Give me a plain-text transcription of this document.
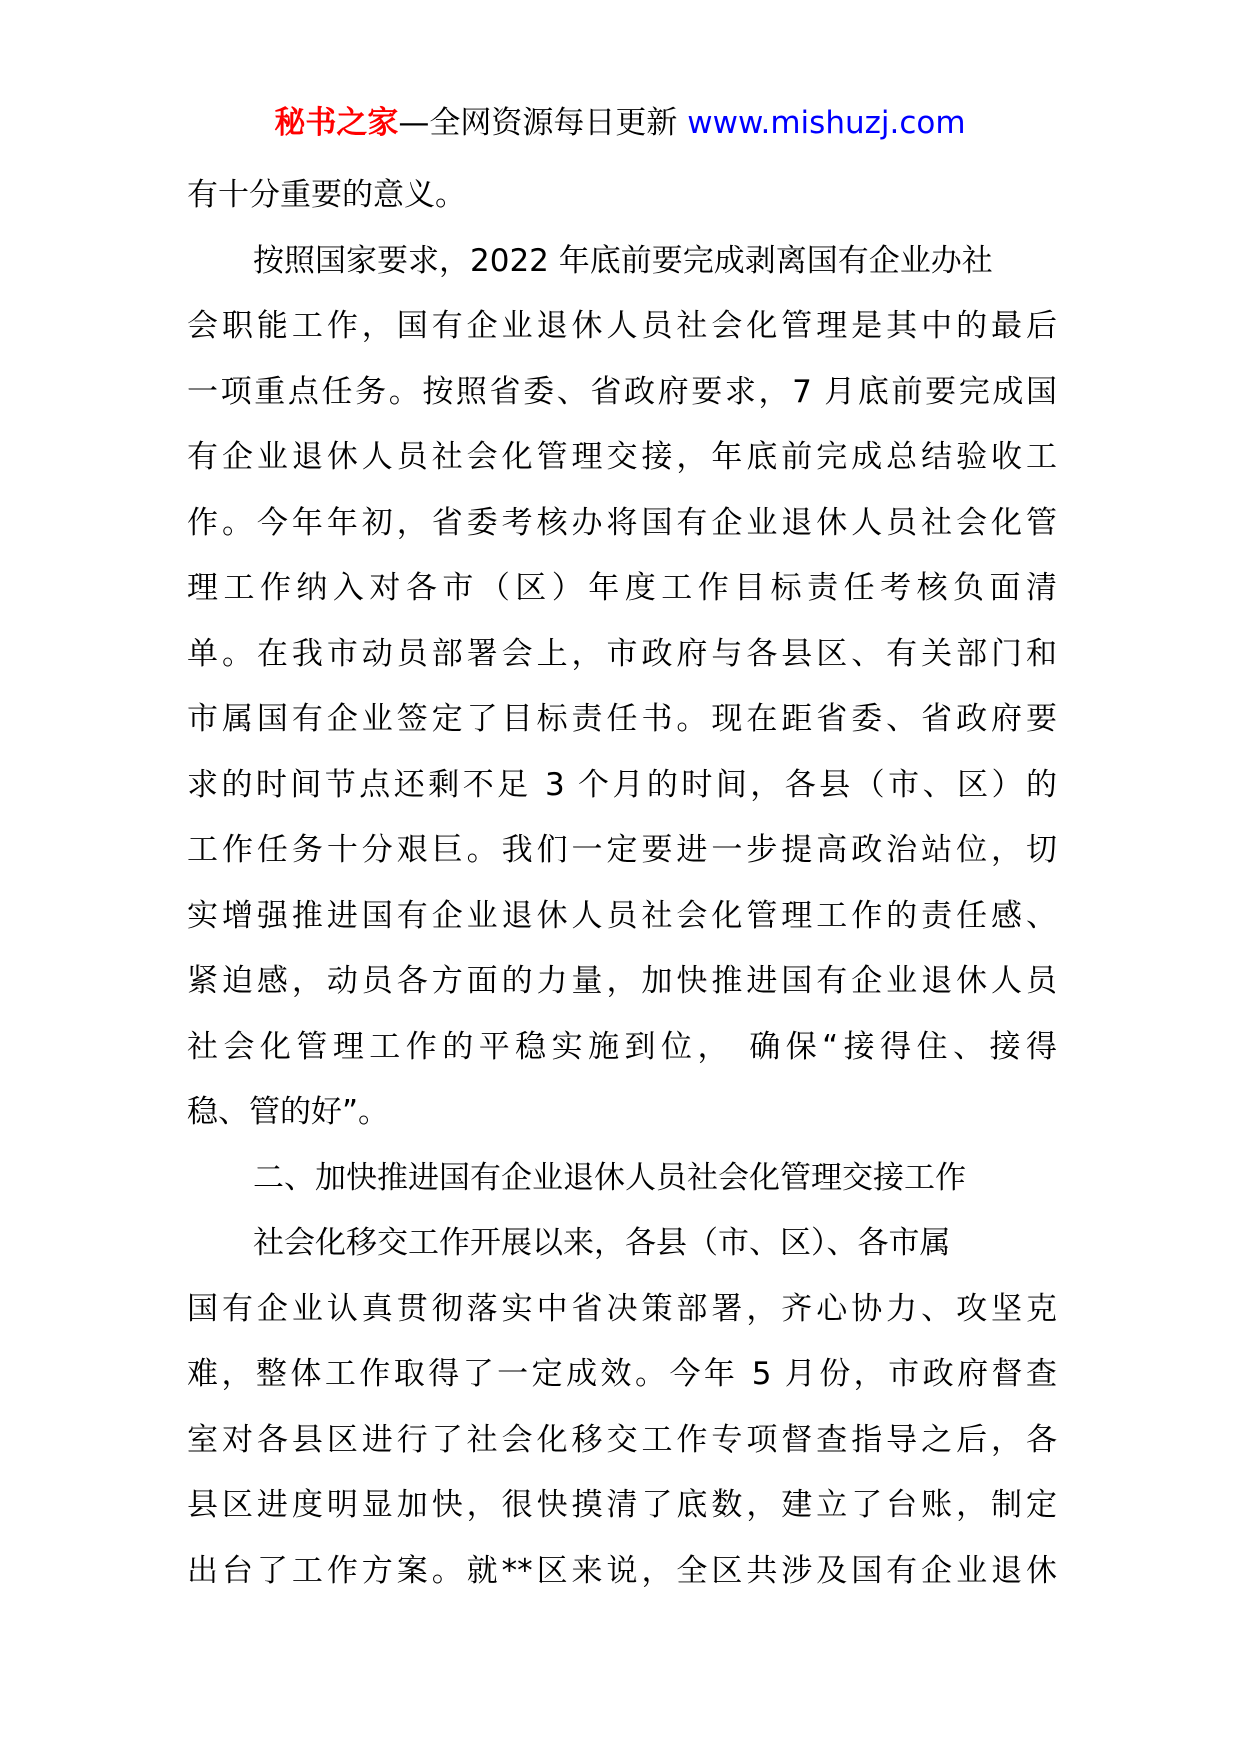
秘书之家—全网资源每日更新 www.mishuzj.com
有十分重要的意义。
按照国家要求，2022 年底前要完成剥离国有企业办社
会职能工作，国有企业退休人员社会化管理是其中的最后
一项重点任务。按照省委、省政府要求，7 月底前要完成国
有企业退休人员社会化管理交接，年底前完成总结验收工
作。今年年初，省委考核办将国有企业退休人员社会化管
理工作纳入对各市（区）年度工作目标责任考核负面清
单。在我市动员部署会上，市政府与各县区、有关部门和
市属国有企业签定了目标责任书。现在距省委、省政府要
求的时间节点还剩不足 3 个月的时间，各县（市、区）的
工作任务十分艰巨。我们一定要进一步提高政治站位，切
实增强推进国有企业退休人员社会化管理工作的责任感、
紧迫感，动员各方面的力量，加快推进国有企业退休人员
社会化管理工作的平稳实施到位， 确保“接得住、接得
稳、管的好”。
二、加快推进国有企业退休人员社会化管理交接工作
社会化移交工作开展以来，各县（市、区）、各市属
国有企业认真贯彻落实中省决策部署，齐心协力、攻坚克
难，整体工作取得了一定成效。今年 5 月份，市政府督查
室对各县区进行了社会化移交工作专项督查指导之后，各
县区进度明显加快，很快摸清了底数，建立了台账，制定
出台了工作方案。就**区来说，全区共涉及国有企业退休
